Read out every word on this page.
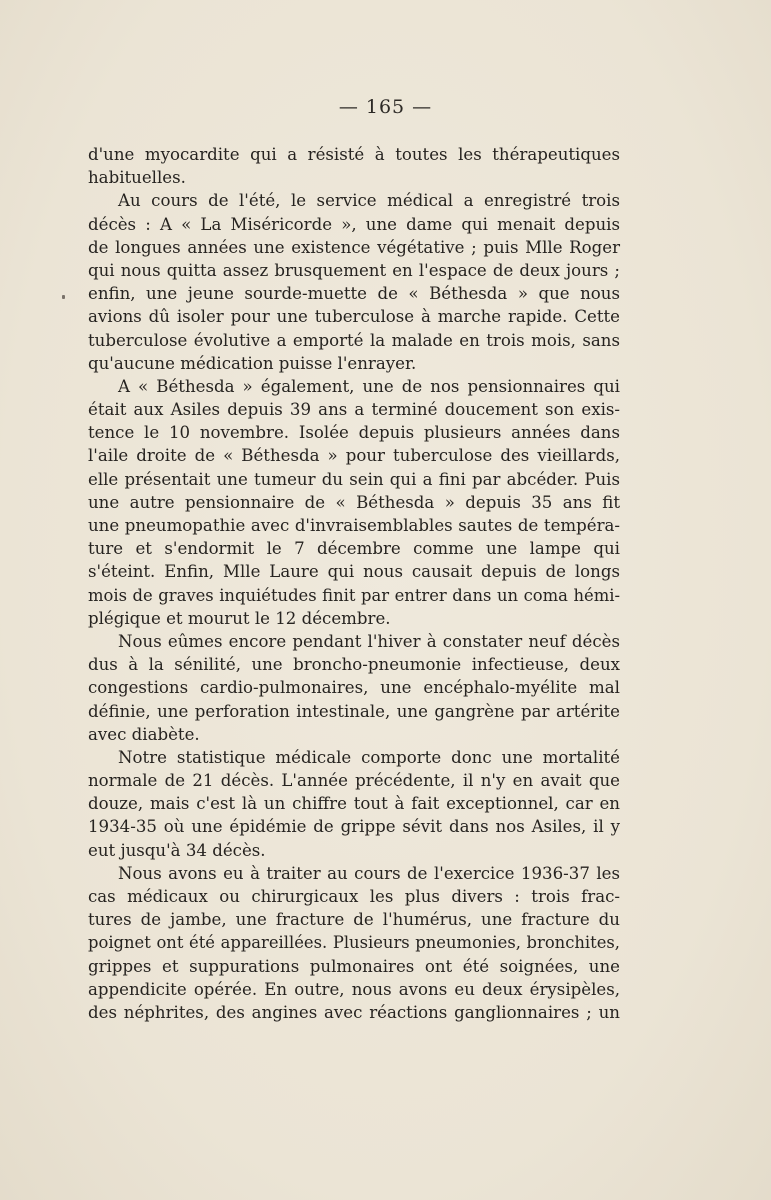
— 165 —
d'une myocardite qui a résisté à toutes les thérapeutiques
habituelles.
Au cours de l'été, le service médical a enregistré trois
décès : A « La Miséricorde », une dame qui menait depuis
de longues années une existence végétative ; puis Mlle Roger
qui nous quitta assez brusquement en l'espace de deux jours ;
enfin, une jeune sourde-muette de « Béthesda » que nous
avions dû isoler pour une tuberculose à marche rapide. Cette
tuberculose évolutive a emporté la malade en trois mois, sans
qu'aucune médication puisse l'enrayer.
A « Béthesda » également, une de nos pensionnaires qui
était aux Asiles depuis 39 ans a terminé doucement son exis-
tence le 10 novembre. Isolée depuis plusieurs années dans
l'aile droite de « Béthesda » pour tuberculose des vieillards,
elle présentait une tumeur du sein qui a fini par abcéder. Puis
une autre pensionnaire de « Béthesda » depuis 35 ans fit
une pneumopathie avec d'invraisemblables sautes de tempéra-
ture et s'endormit le 7 décembre comme une lampe qui
s'éteint. Enfin, Mlle Laure qui nous causait depuis de longs
mois de graves inquiétudes finit par entrer dans un coma hémi-
plégique et mourut le 12 décembre.
Nous eûmes encore pendant l'hiver à constater neuf décès
dus à la sénilité, une broncho-pneumonie infectieuse, deux
congestions cardio-pulmonaires, une encéphalo-myélite mal
définie, une perforation intestinale, une gangrène par artérite
avec diabète.
Notre statistique médicale comporte donc une mortalité
normale de 21 décès. L'année précédente, il n'y en avait que
douze, mais c'est là un chiffre tout à fait exceptionnel, car en
1934-35 où une épidémie de grippe sévit dans nos Asiles, il y
eut jusqu'à 34 décès.
Nous avons eu à traiter au cours de l'exercice 1936-37 les
cas médicaux ou chirurgicaux les plus divers : trois frac-
tures de jambe, une fracture de l'humérus, une fracture du
poignet ont été appareillées. Plusieurs pneumonies, bronchites,
grippes et suppurations pulmonaires ont été soignées, une
appendicite opérée. En outre, nous avons eu deux érysipèles,
des néphrites, des angines avec réactions ganglionnaires ; un
